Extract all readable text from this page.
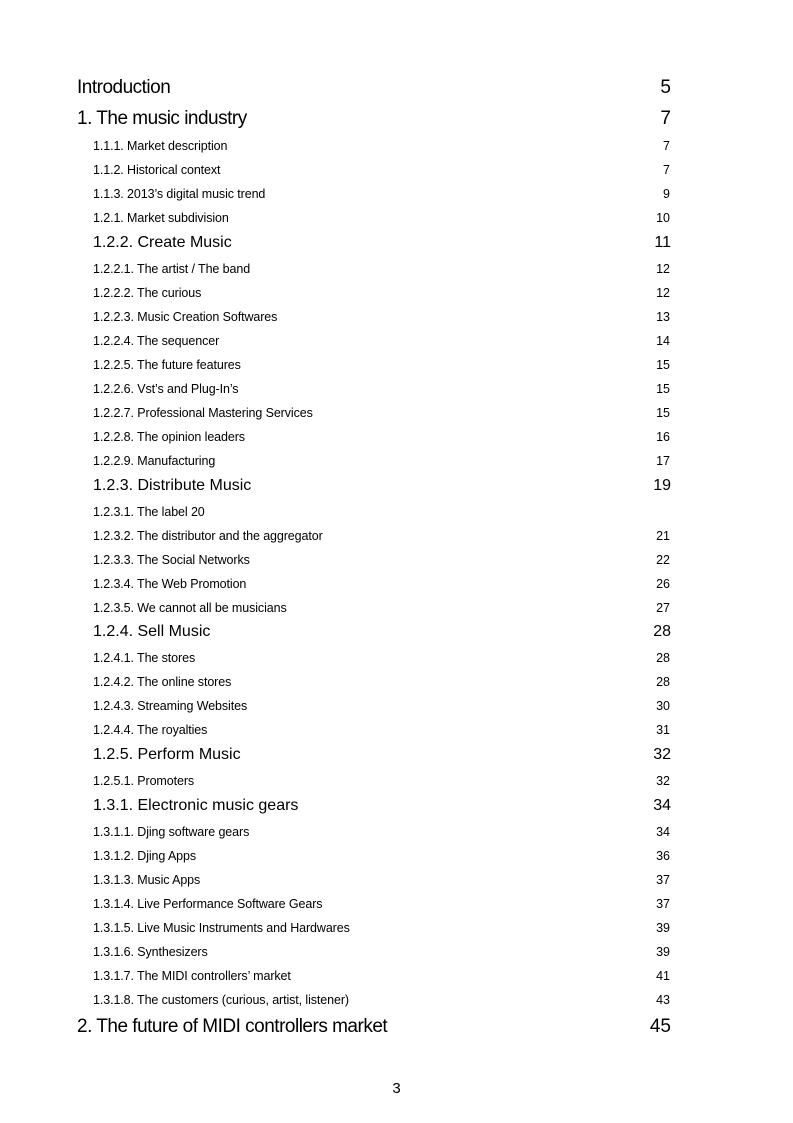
Introduction	5
1. The music industry	7
1.1.1. Market description	7
1.1.2. Historical context	7
1.1.3. 2013’s digital music trend	9
1.2.1. Market subdivision	10
1.2.2. Create Music	11
1.2.2.1. The artist / The band	12
1.2.2.2. The curious	12
1.2.2.3. Music Creation Softwares	13
1.2.2.4. The sequencer	14
1.2.2.5. The future features	15
1.2.2.6. Vst’s and Plug-In’s	15
1.2.2.7. Professional Mastering Services	15
1.2.2.8. The opinion leaders	16
1.2.2.9. Manufacturing	17
1.2.3. Distribute Music	19
1.2.3.1. The label 20
1.2.3.2. The distributor and the aggregator	21
1.2.3.3. The Social Networks	22
1.2.3.4. The Web Promotion	26
1.2.3.5. We cannot all be musicians	27
1.2.4. Sell Music	28
1.2.4.1. The stores	28
1.2.4.2. The online stores	28
1.2.4.3. Streaming Websites	30
1.2.4.4. The royalties	31
1.2.5. Perform Music	32
1.2.5.1. Promoters	32
1.3.1. Electronic music gears	34
1.3.1.1. Djing software gears	34
1.3.1.2. Djing Apps	36
1.3.1.3. Music Apps	37
1.3.1.4. Live Performance Software Gears	37
1.3.1.5. Live Music Instruments and Hardwares	39
1.3.1.6. Synthesizers	39
1.3.1.7. The MIDI controllers’ market	41
1.3.1.8. The customers (curious, artist, listener)	43
2. The future of MIDI controllers market	45
3
